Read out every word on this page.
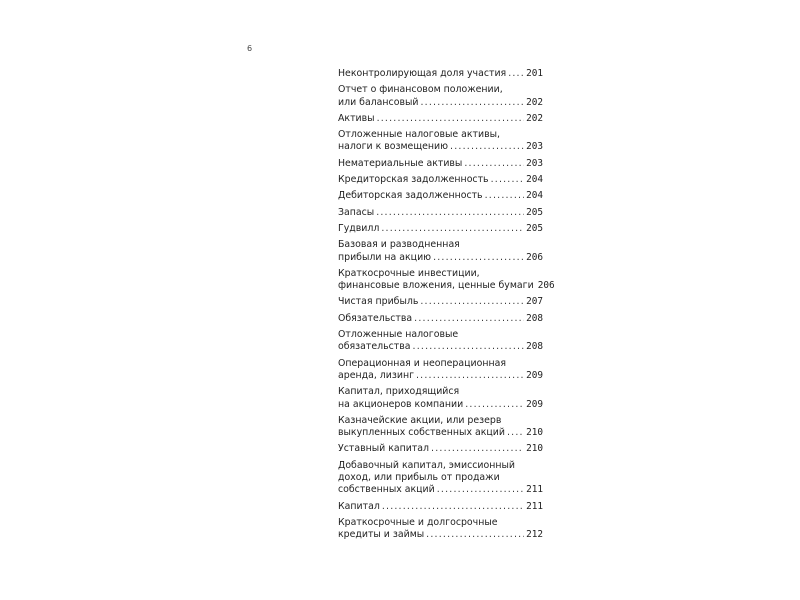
6
Неконтролирующая доля участия ..... 201
Отчет о финансовом положении,
или балансовый .....	202
Активы .....	202
Отложенные налоговые активы,
налоги к возмещению .....	203
Нематериальные активы .....	203
Кредиторская задолженность .....	204
Дебиторская задолженность .....	204
Запасы .....	205
Гудвилл .....	205
Базовая и разводненная
прибыли на акцию .....	206
Краткосрочные инвестиции,
финансовые вложения, ценные бумаги 206
Чистая прибыль .....	207
Обязательства .....	208
Отложенные налоговые
обязательства .....	208
Операционная и неоперационная
аренда, лизинг .....	209
Капитал, приходящийся
на акционеров компании .....	209
Казначейские акции, или резерв
выкупленных собственных акций ..... 210
Уставный капитал .....	210
Добавочный капитал, эмиссионный
доход, или прибыль от продажи
собственных акций .....	211
Капитал .....	211
Краткосрочные и долгосрочные
кредиты и займы .....	212
